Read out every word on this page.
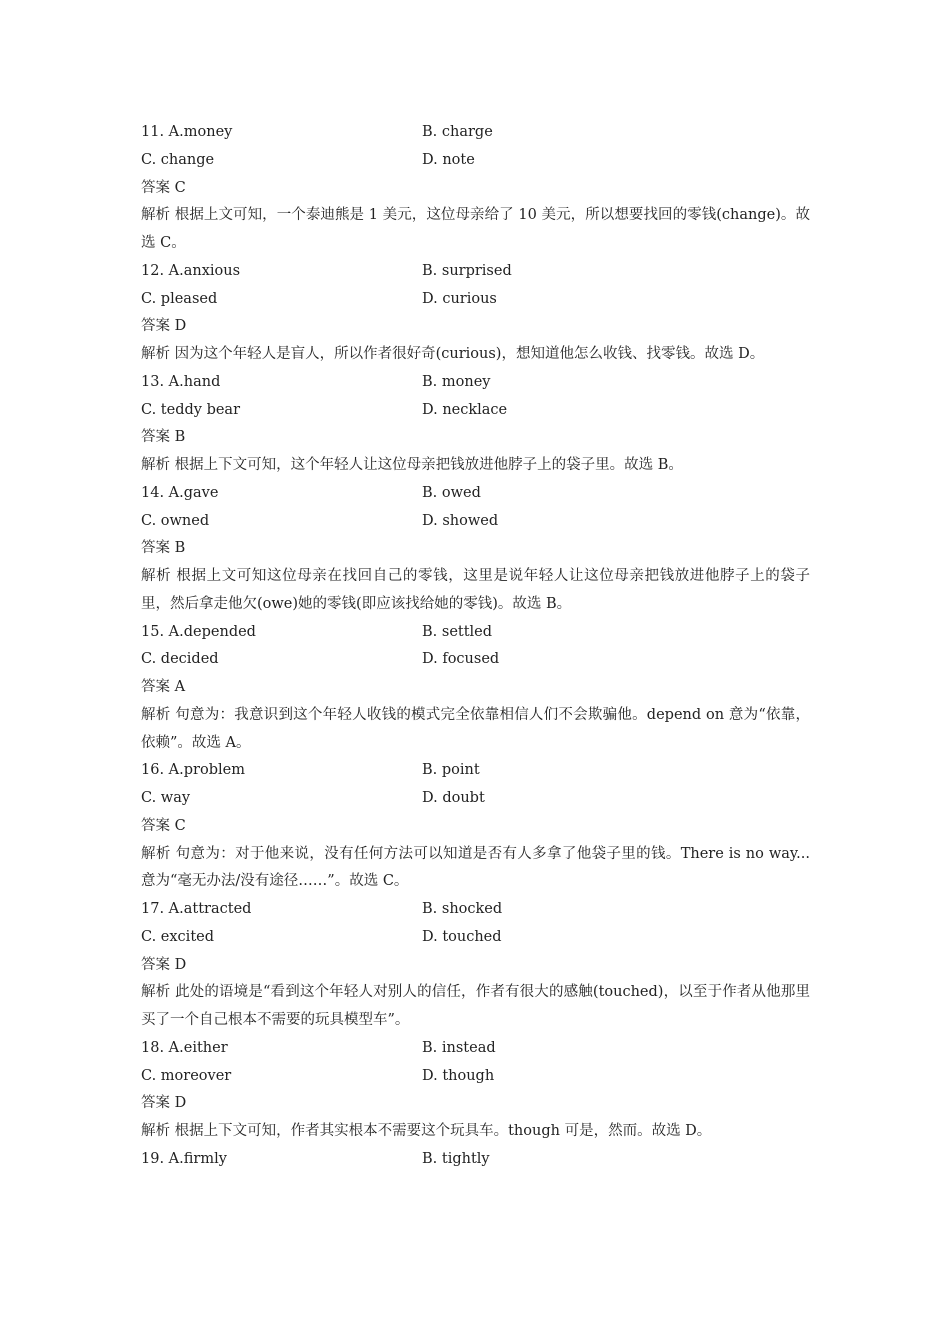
11. A.money	B. charge
C. change	D. note
答案 C
解析 根据上文可知，一个泰迪熊是 1 美元，这位母亲给了 10 美元，所以想要找回的零钱(change)。故选 C。
12. A.anxious	B. surprised
C. pleased	D. curious
答案 D
解析 因为这个年轻人是盲人，所以作者很好奇(curious)，想知道他怎么收钱、找零钱。故选 D。
13. A.hand	B. money
C. teddy bear	D. necklace
答案 B
解析 根据上下文可知，这个年轻人让这位母亲把钱放进他脖子上的袋子里。故选 B。
14. A.gave	B. owed
C. owned	D. showed
答案 B
解析 根据上文可知这位母亲在找回自己的零钱，这里是说年轻人让这位母亲把钱放进他脖子上的袋子里，然后拿走他欠(owe)她的零钱(即应该找给她的零钱)。故选 B。
15. A.depended	B. settled
C. decided	D. focused
答案 A
解析 句意为：我意识到这个年轻人收钱的模式完全依靠相信人们不会欺骗他。depend on 意为“依靠，依赖”。故选 A。
16. A.problem	B. point
C. way	D. doubt
答案 C
解析 句意为：对于他来说，没有任何方法可以知道是否有人多拿了他袋子里的钱。There is no way... 意为“毫无办法/没有途径……”。故选 C。
17. A.attracted	B. shocked
C. excited	D. touched
答案 D
解析 此处的语境是“看到这个年轻人对别人的信任，作者有很大的感触(touched)，以至于作者从他那里买了一个自己根本不需要的玩具模型车”。
18. A.either	B. instead
C. moreover	D. though
答案 D
解析 根据上下文可知，作者其实根本不需要这个玩具车。though 可是，然而。故选 D。
19. A.firmly	B. tightly
